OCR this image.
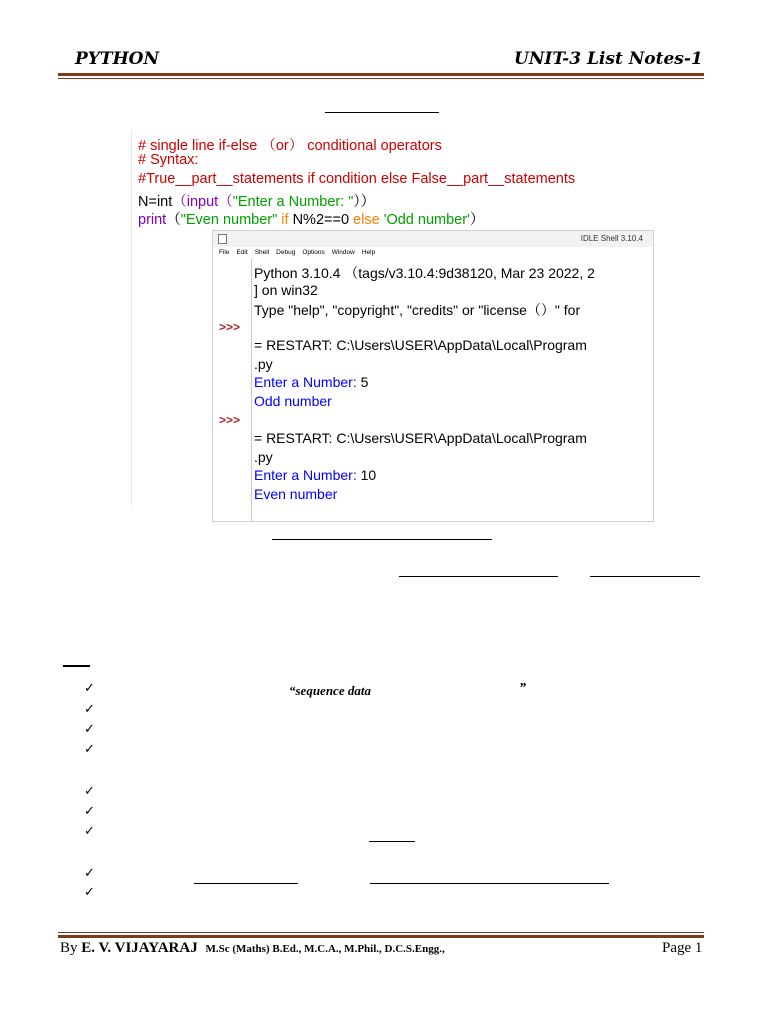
PYTHON	UNIT-3 List Notes-1
# single line if-else （or） conditional operators
# Syntax:
#True__part__statements if condition else False__part__statements
N=int（input（"Enter a Number: "））
print（"Even number" if N%2==0 else 'Odd number'）
IDLE Shell 3.10.4
File Edit Shell Debug Options Window Help
>>>
>>>
Python 3.10.4 （tags/v3.10.4:9d38120, Mar 23 2022, 2
] on win32
Type "help", "copyright", "credits" or "license（）" for
= RESTART: C:\Users\USER\AppData\Local\Program
.py
Enter a Number: 5
Odd number
= RESTART: C:\Users\USER\AppData\Local\Program
.py
Enter a Number: 10
Even number
✓	“sequence data	”
✓
✓
✓
✓
✓
✓
✓
✓
By E. V. VIJAYARAJ M.Sc (Maths) B.Ed., M.C.A., M.Phil., D.C.S.Engg.,	Page 1
